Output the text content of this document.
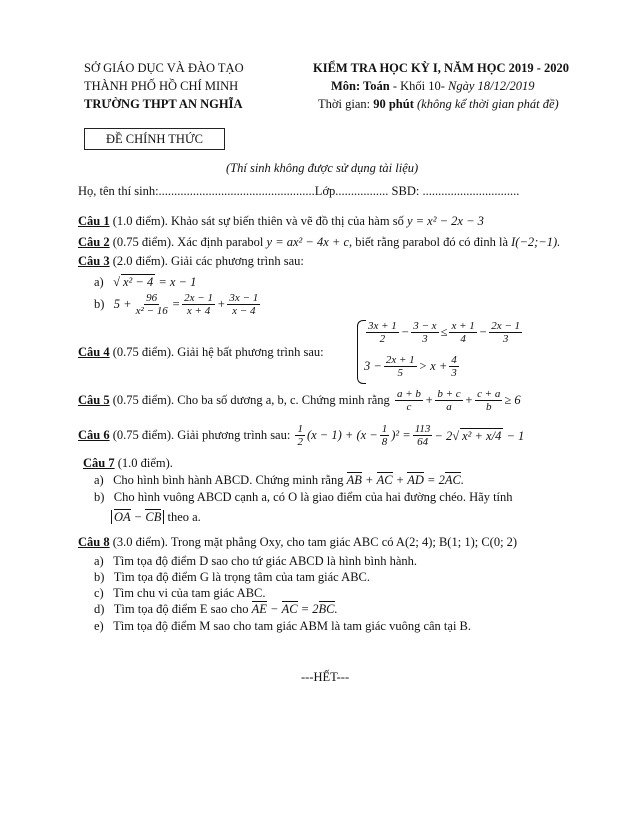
SỞ GIÁO DỤC VÀ ĐÀO TẠO
THÀNH PHỐ HỒ CHÍ MINH
TRƯỜNG THPT AN NGHĨA
KIỂM TRA HỌC KỲ I, NĂM HỌC 2019 - 2020
Môn: Toán - Khối 10- Ngày 18/12/2019
Thời gian: 90 phút (không kể thời gian phát đề)
ĐỀ CHÍNH THỨC
(Thí sinh không được sử dụng tài liệu)
Họ, tên thí sinh:..................................................Lớp................. SBD: ...............................
Câu 1 (1.0 điểm). Khảo sát sự biến thiên và vẽ đồ thị của hàm số y = x² − 2x − 3
Câu 2 (0.75 điểm). Xác định parabol y = ax² − 4x + c, biết rằng parabol đó có đỉnh là I(−2;−1).
Câu 3 (2.0 điểm). Giải các phương trình sau:
a) √ x² − 4 = x − 1
b) $5 + \frac{96}{\text{x² − 16}} = \frac{2x - 1}{x + 4} + \frac{3x - 1}{x - 4}$
Câu 4 (0.75 điểm). Giải hệ bất phương trình sau:
$\frac{3x + 1}{2} - \frac{3 - x}{3} \le \frac{x + 1}{4} - \frac{2x - 1}{3}$
$3 - \frac{2x + 1}{5} > x + \frac{4}{3}$
Câu 5 (0.75 điểm). Cho ba số dương a, b, c. Chứng minh rằng $\frac{a + b}{c} + \frac{b + c}{a} + \frac{c + a}{b} \ge 6$
Câu 6 (0.75 điểm). Giải phương trình sau: $\frac{1}{2} (x - 1) + (x - \frac{1}{8} )^2 = \frac{113}{64} - 2√$ x² + x/4 − 1
Câu 7 (1.0 điểm).
a) Cho hình bình hành ABCD. Chứng minh rằng AB + AC + AD = 2AC.
b) Cho hình vuông ABCD cạnh a, có O là giao điểm của hai đường chéo. Hãy tính
OA − CB theo a.
Câu 8 (3.0 điểm). Trong mặt phẳng Oxy, cho tam giác ABC có A(2; 4); B(1; 1); C(0; 2)
a) Tìm tọa độ điểm D sao cho tứ giác ABCD là hình bình hành.
b) Tìm tọa độ điểm G là trọng tâm của tam giác ABC.
c) Tìm chu vi của tam giác ABC.
d) Tìm tọa độ điểm E sao cho AE − AC = 2BC.
e) Tìm tọa độ điểm M sao cho tam giác ABM là tam giác vuông cân tại B.
---HẾT---
